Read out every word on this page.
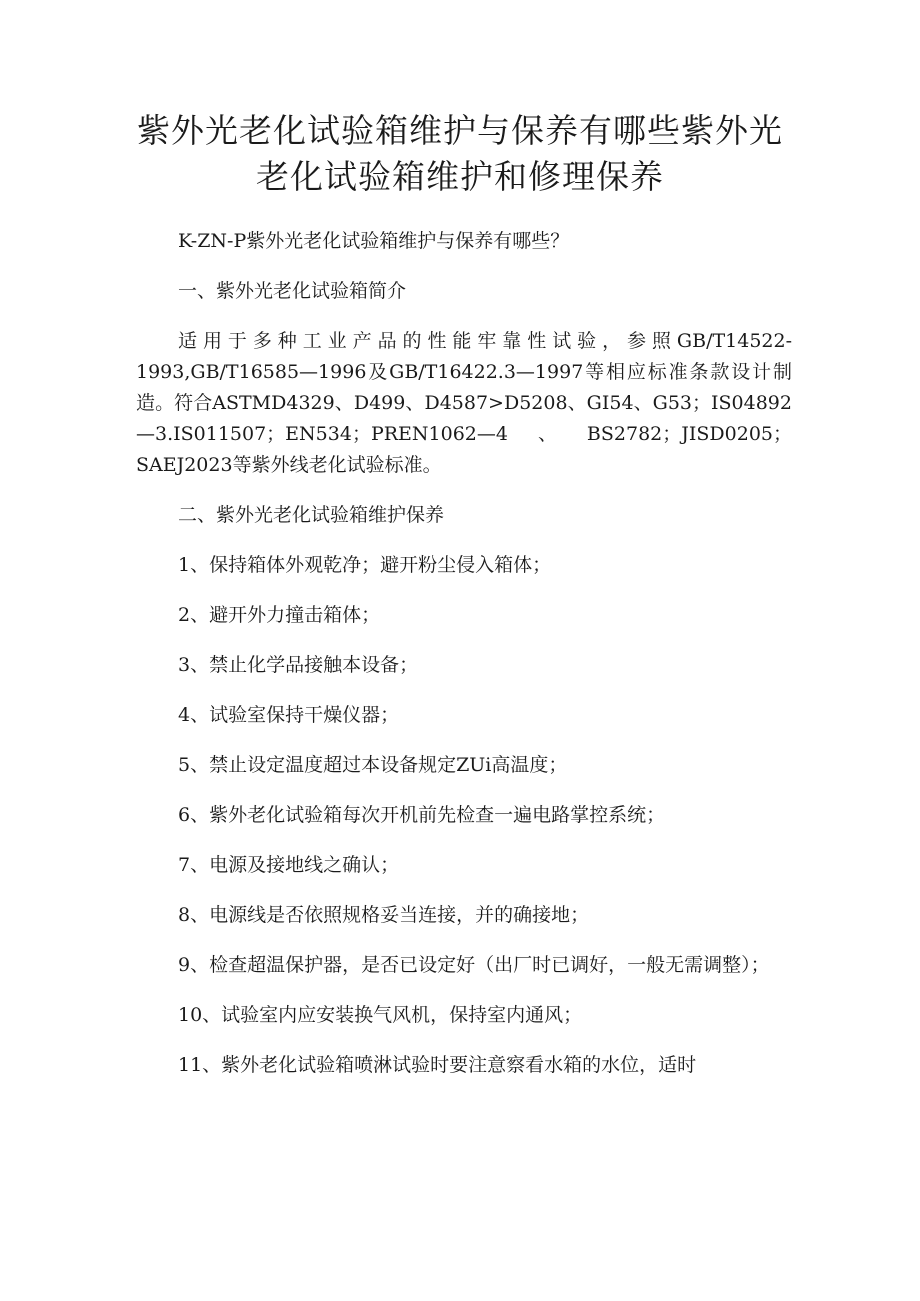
紫外光老化试验箱维护与保养有哪些紫外光
老化试验箱维护和修理保养

K-ZN-P紫外光老化试验箱维护与保养有哪些？

一、紫外光老化试验箱简介

适用于多种工业产品的性能牢靠性试验，参照GB/T14522-1993,GB/T16585—1996及GB/T16422.3—1997等相应标准条款设计制造。符合ASTMD4329、D499、D4587>D5208、GI54、G53；IS04892—3.IS011507；EN534；PREN1062—4、BS2782；JISD0205；SAEJ2023等紫外线老化试验标准。

二、紫外光老化试验箱维护保养

1、保持箱体外观乾净；避开粉尘侵入箱体；

2、避开外力撞击箱体；

3、禁止化学品接触本设备；

4、试验室保持干燥仪器；

5、禁止设定温度超过本设备规定ZUi高温度；

6、紫外老化试验箱每次开机前先检查一遍电路掌控系统；

7、电源及接地线之确认；

8、电源线是否依照规格妥当连接，并的确接地；

9、检查超温保护器，是否已设定好（出厂时已调好，一般无需调整）；

10、试验室内应安装换气风机，保持室内通风；

11、紫外老化试验箱喷淋试验时要注意察看水箱的水位，适时
